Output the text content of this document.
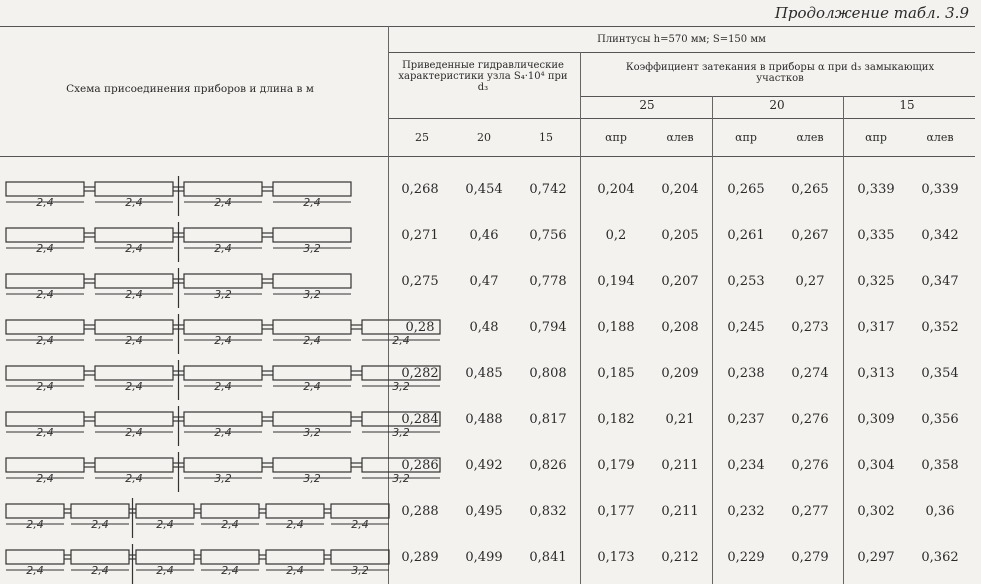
Продолжение табл. 3.9
Схема присоединения приборов и длина в м
Плинтусы h=570 мм; S=150 мм
Приведенные гидравлические характеристики узла S₄·10⁴ при d₃
Коэффициент затекания в приборы α при d₃ замыкающих участков
25	20	15
25	20	15	αпр	αлев	αпр	αлев	αпр	αлев
0,268	0,454	0,742	0,204	0,204	0,265	0,265	0,339	0,339
2,4	2,4	2,4	2,4
0,271	0,46	0,756	0,2	0,205	0,261	0,267	0,335	0,342
2,4	2,4	2,4	3,2
0,275	0,47	0,778	0,194	0,207	0,253	0,27	0,325	0,347
2,4	2,4	3,2	3,2
0,28	0,48	0,794	0,188	0,208	0,245	0,273	0,317	0,352
2,4	2,4	2,4	2,4	2,4
0,282	0,485	0,808	0,185	0,209	0,238	0,274	0,313	0,354
2,4	2,4	2,4	2,4	3,2
0,284	0,488	0,817	0,182	0,21	0,237	0,276	0,309	0,356
2,4	2,4	2,4	3,2	3,2
0,286	0,492	0,826	0,179	0,211	0,234	0,276	0,304	0,358
2,4	2,4	3,2	3,2	3,2
0,288	0,495	0,832	0,177	0,211	0,232	0,277	0,302	0,36
2,4	2,4	2,4	2,4	2,4	2,4
0,289	0,499	0,841	0,173	0,212	0,229	0,279	0,297	0,362
2,4	2,4	2,4	2,4	2,4	3,2
